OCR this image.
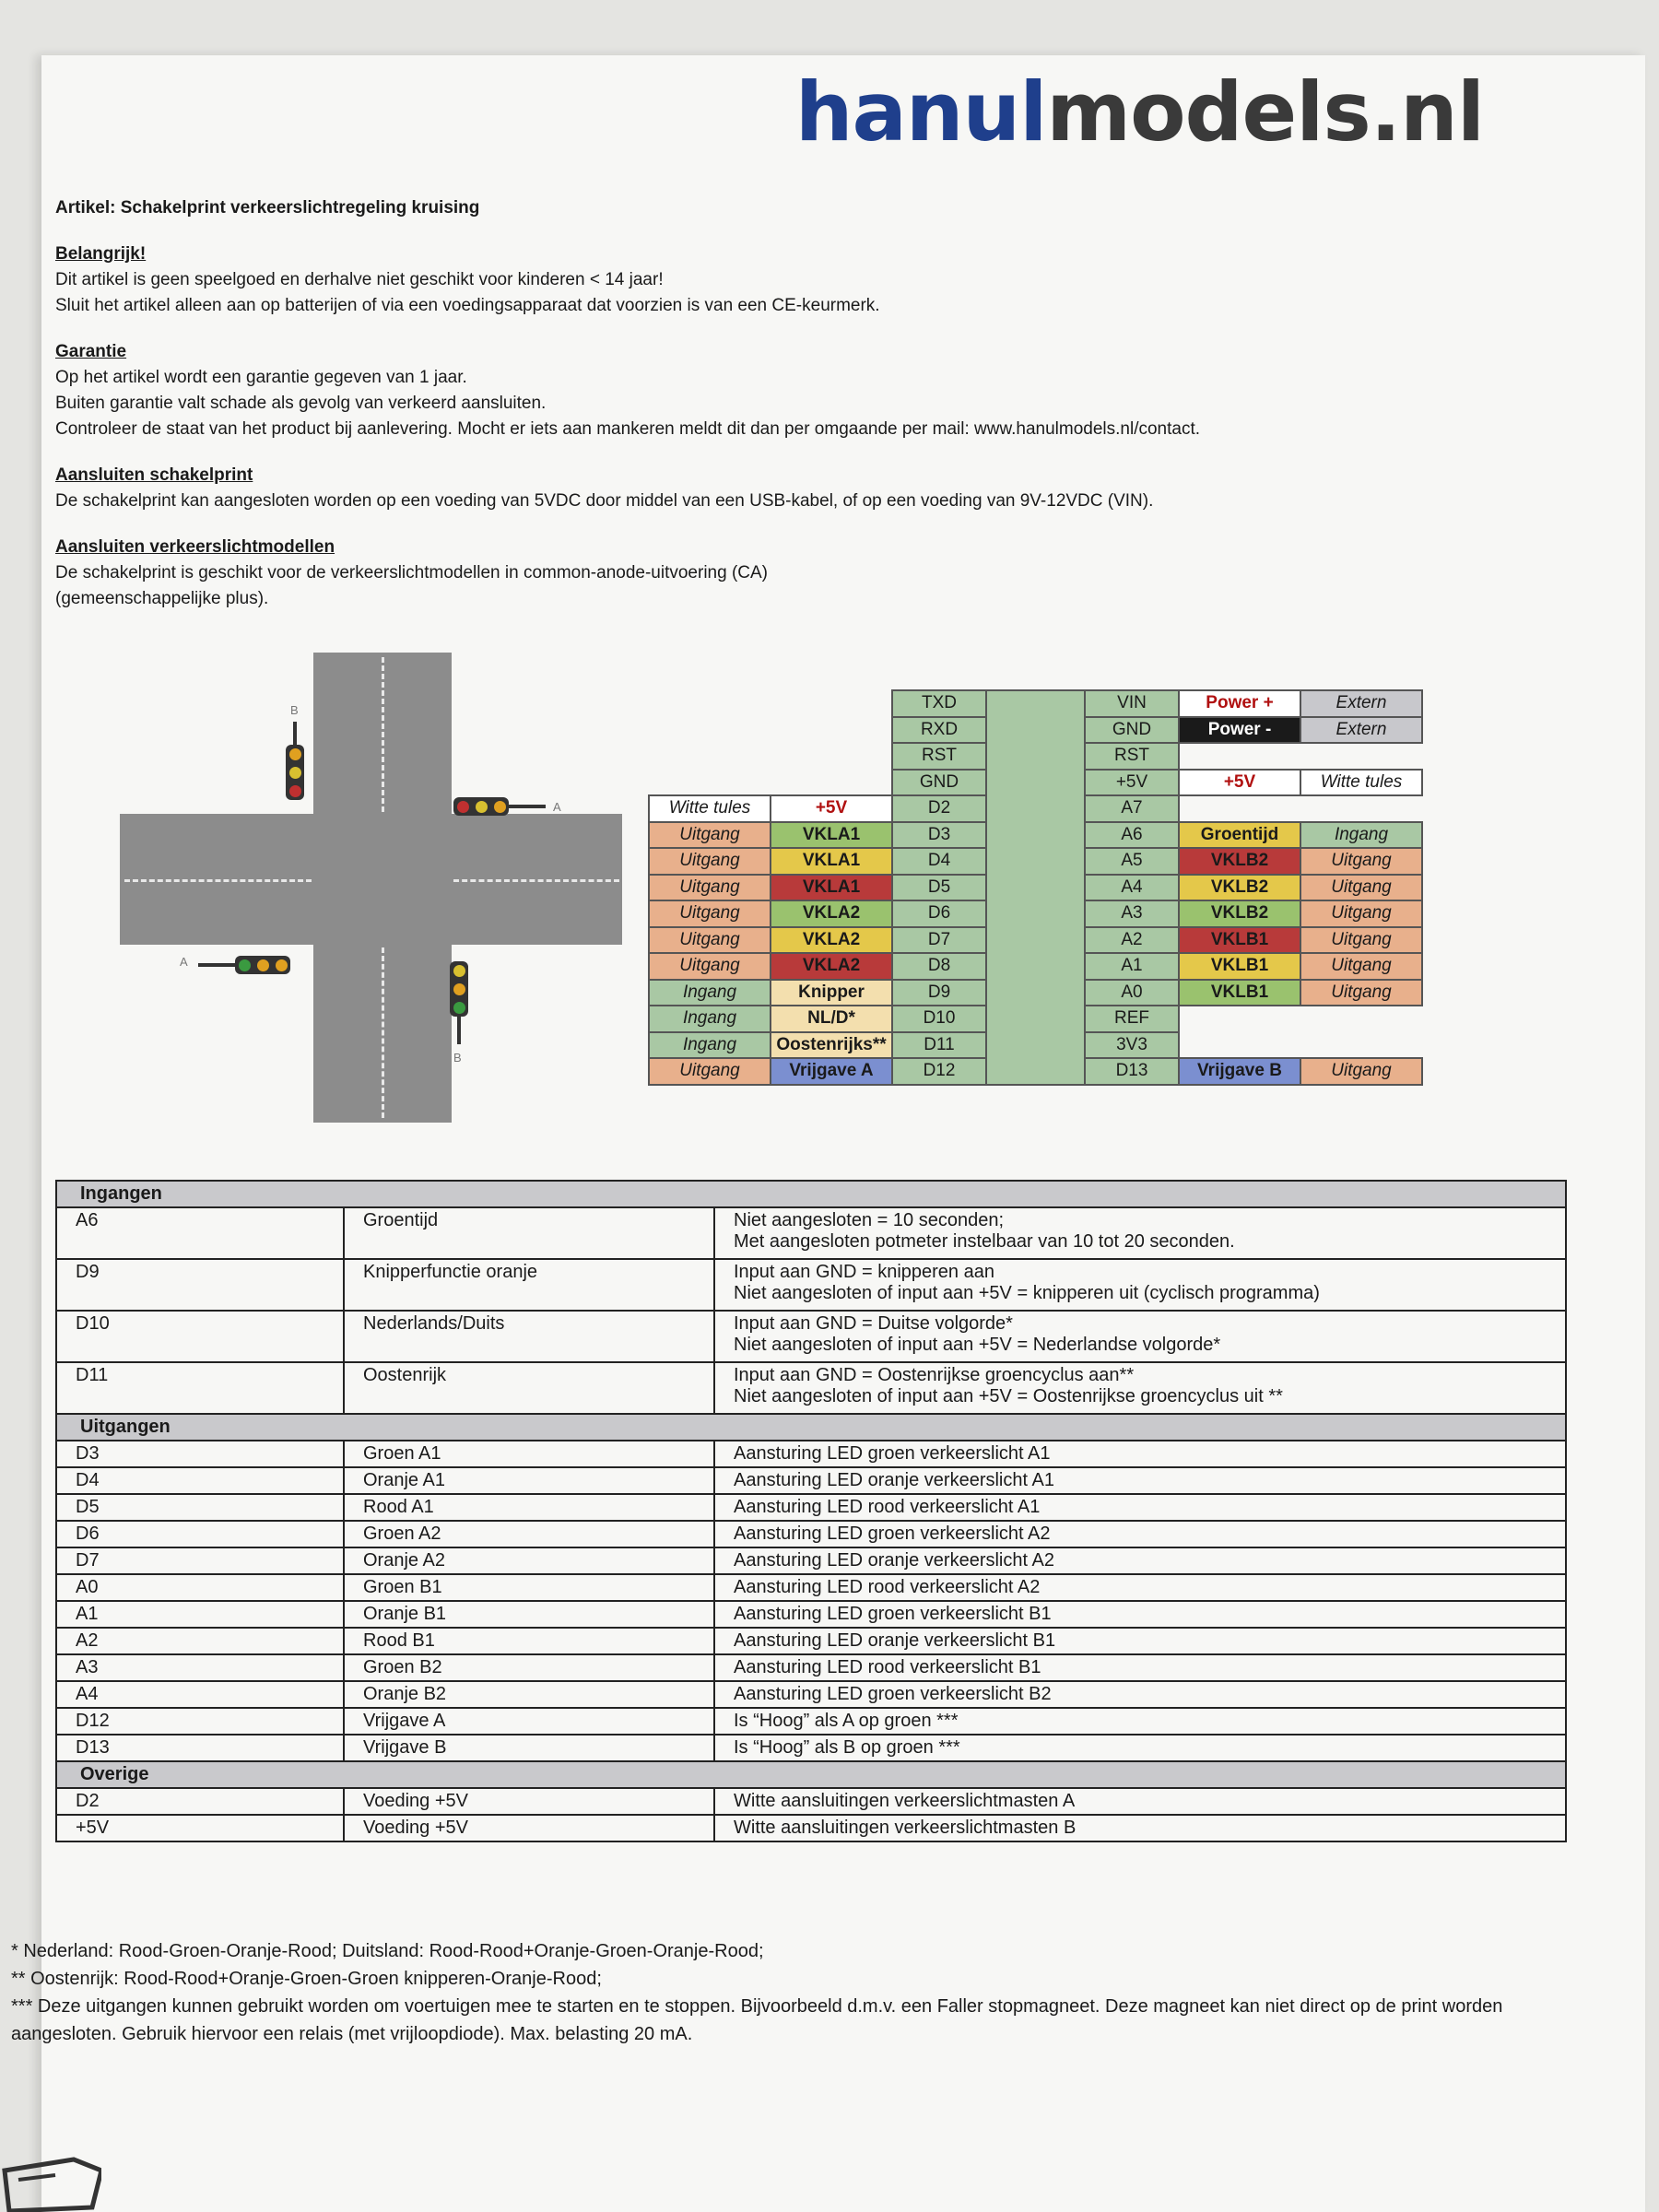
hanulmodels.nl
Artikel: Schakelprint verkeerslichtregeling kruising
Belangrijk!
Dit artikel is geen speelgoed en derhalve niet geschikt voor kinderen < 14 jaar!
Sluit het artikel alleen aan op batterijen of via een voedingsapparaat dat voorzien is van een CE-keurmerk.
Garantie
Op het artikel wordt een garantie gegeven van 1 jaar.
Buiten garantie valt schade als gevolg van verkeerd aansluiten.
Controleer de staat van het product bij aanlevering. Mocht er iets aan mankeren meldt dit dan per omgaande per mail: www.hanulmodels.nl/contact.
Aansluiten schakelprint
De schakelprint kan aangesloten worden op een voeding van 5VDC door middel van een USB-kabel, of op een voeding van 9V-12VDC (VIN).
Aansluiten verkeerslichtmodellen
De schakelprint is geschikt voor de verkeerslichtmodellen in common-anode-uitvoering (CA)
(gemeenschappelijke plus).
B
A
A
B
		TXD		VIN	Power +	Extern
		RXD		GND	Power -	Extern
		RST		RST		
		GND		+5V	+5V	Witte tules
Witte tules	+5V	D2		A7		
Uitgang	VKLA1	D3		A6	Groentijd	Ingang
Uitgang	VKLA1	D4		A5	VKLB2	Uitgang
Uitgang	VKLA1	D5		A4	VKLB2	Uitgang
Uitgang	VKLA2	D6		A3	VKLB2	Uitgang
Uitgang	VKLA2	D7		A2	VKLB1	Uitgang
Uitgang	VKLA2	D8		A1	VKLB1	Uitgang
Ingang	Knipper	D9		A0	VKLB1	Uitgang
Ingang	NL/D*	D10		REF		
Ingang	Oostenrijks**	D11		3V3		
Uitgang	Vrijgave A	D12		D13	Vrijgave B	Uitgang
Ingangen		
A6	Groentijd	Niet aangesloten = 10 seconden;
Met aangesloten potmeter instelbaar van 10 tot 20 seconden.

D9	Knipperfunctie oranje	Input aan GND = knipperen aan
Niet aangesloten of input aan +5V = knipperen uit (cyclisch programma)

D10	Nederlands/Duits	Input aan GND = Duitse volgorde*
Niet aangesloten of input aan +5V = Nederlandse volgorde*

D11	Oostenrijk	Input aan GND = Oostenrijkse groencyclus aan**
Niet aangesloten of input aan +5V = Oostenrijkse groencyclus uit **

Uitgangen		
D3	Groen A1	Aansturing LED groen verkeerslicht A1

D4	Oranje A1	Aansturing LED oranje verkeerslicht A1

D5	Rood A1	Aansturing LED rood verkeerslicht A1

D6	Groen A2	Aansturing LED groen verkeerslicht A2

D7	Oranje A2	Aansturing LED oranje verkeerslicht A2

A0	Groen B1	Aansturing LED rood verkeerslicht A2

A1	Oranje B1	Aansturing LED groen verkeerslicht B1

A2	Rood B1	Aansturing LED oranje verkeerslicht B1

A3	Groen B2	Aansturing LED rood verkeerslicht B1

A4	Oranje B2	Aansturing LED groen verkeerslicht B2

D12	Vrijgave A	Is “Hoog” als A op groen ***

D13	Vrijgave B	Is “Hoog” als B op groen ***

Overige		
D2	Voeding +5V	Witte aansluitingen verkeerslichtmasten A

+5V	Voeding +5V	Witte aansluitingen verkeerslichtmasten B
* Nederland: Rood-Groen-Oranje-Rood; Duitsland: Rood-Rood+Oranje-Groen-Oranje-Rood;
** Oostenrijk: Rood-Rood+Oranje-Groen-Groen knipperen-Oranje-Rood;
*** Deze uitgangen kunnen gebruikt worden om voertuigen mee te starten en te stoppen. Bijvoorbeeld d.m.v. een Faller stopmagneet. Deze magneet kan niet direct op de print worden aangesloten. Gebruik hiervoor een relais (met vrijloopdiode). Max. belasting 20 mA.
